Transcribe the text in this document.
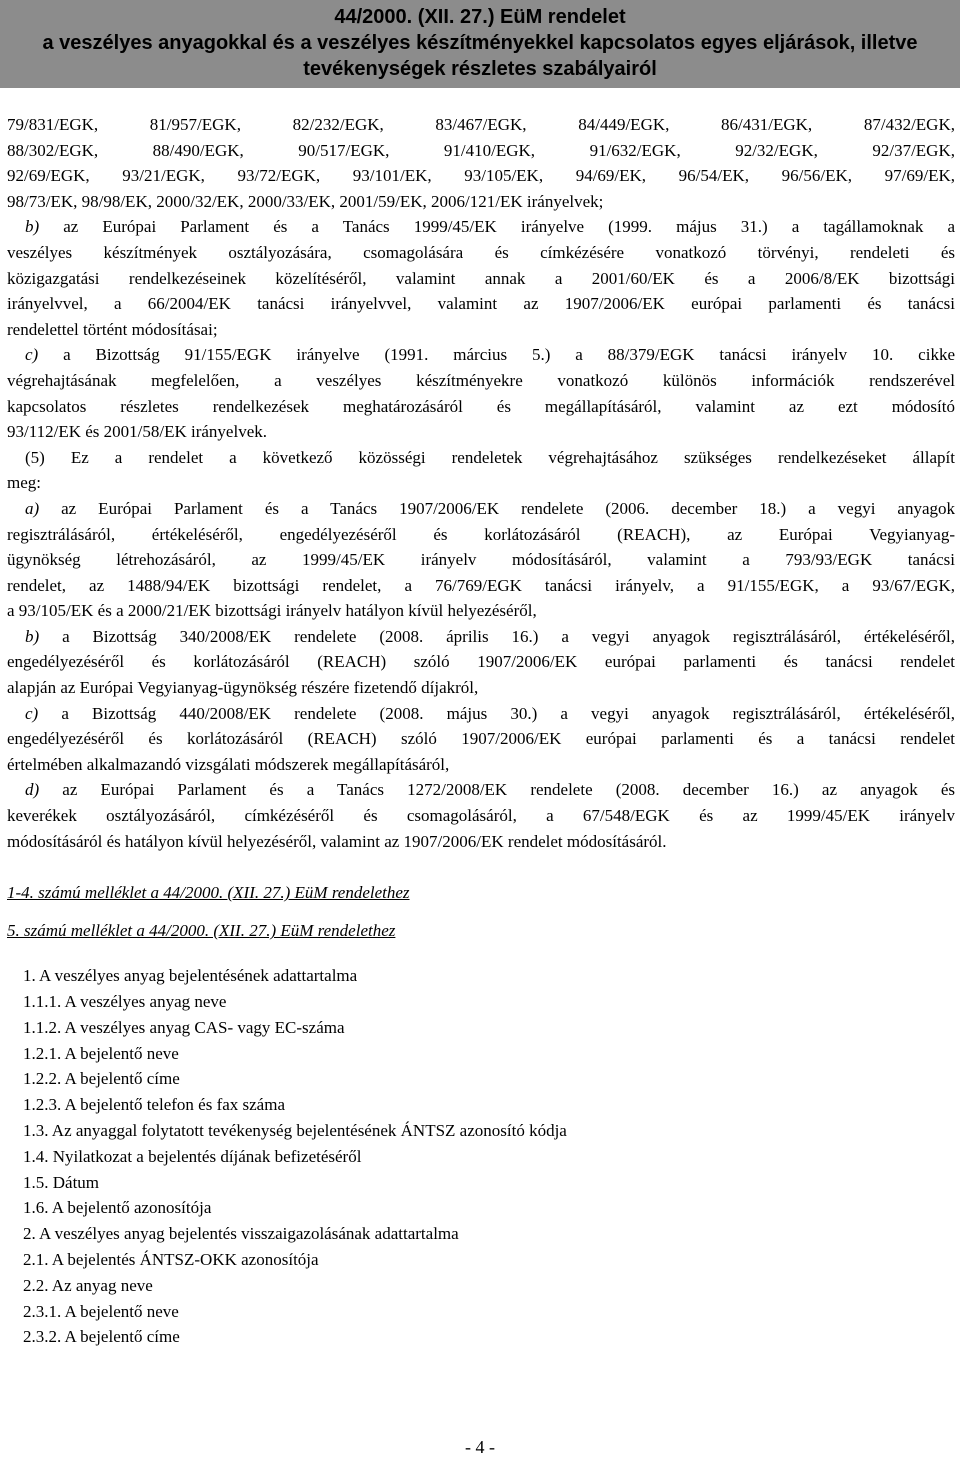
44/2000. (XII. 27.) EüM rendelet
a veszélyes anyagokkal és a veszélyes készítményekkel kapcsolatos egyes eljárások, illetve
tevékenységek részletes szabályairól

79/831/EGK, 81/957/EGK, 82/232/EGK, 83/467/EGK, 84/449/EGK, 86/431/EGK, 87/432/EGK,

88/302/EGK, 88/490/EGK, 90/517/EGK, 91/410/EGK, 91/632/EGK, 92/32/EGK, 92/37/EGK,

92/69/EGK, 93/21/EGK, 93/72/EGK, 93/101/EK, 93/105/EK, 94/69/EK, 96/54/EK, 96/56/EK, 97/69/EK,

98/73/EK, 98/98/EK, 2000/32/EK, 2000/33/EK, 2001/59/EK, 2006/121/EK irányelvek;

b) az Európai Parlament és a Tanács 1999/45/EK irányelve (1999. május 31.) a tagállamoknak a

veszélyes készítmények osztályozására, csomagolására és címkézésére vonatkozó törvényi, rendeleti és

közigazgatási rendelkezéseinek közelítéséről, valamint annak a 2001/60/EK és a 2006/8/EK bizottsági

irányelvvel, a 66/2004/EK tanácsi irányelvvel, valamint az 1907/2006/EK európai parlamenti és tanácsi

rendelettel történt módosításai;

c) a Bizottság 91/155/EGK irányelve (1991. március 5.) a 88/379/EGK tanácsi irányelv 10. cikke

végrehajtásának megfelelően, a veszélyes készítményekre vonatkozó különös információk rendszerével

kapcsolatos részletes rendelkezések meghatározásáról és megállapításáról, valamint az ezt módosító

93/112/EK és 2001/58/EK irányelvek.

(5) Ez a rendelet a következő közösségi rendeletek végrehajtásához szükséges rendelkezéseket állapít

meg:

a) az Európai Parlament és a Tanács 1907/2006/EK rendelete (2006. december 18.) a vegyi anyagok

regisztrálásáról, értékeléséről, engedélyezéséről és korlátozásáról (REACH), az Európai Vegyianyag-

ügynökség létrehozásáról, az 1999/45/EK irányelv módosításáról, valamint a 793/93/EGK tanácsi

rendelet, az 1488/94/EK bizottsági rendelet, a 76/769/EGK tanácsi irányelv, a 91/155/EGK, a 93/67/EGK,

a 93/105/EK és a 2000/21/EK bizottsági irányelv hatályon kívül helyezéséről,

b) a Bizottság 340/2008/EK rendelete (2008. április 16.) a vegyi anyagok regisztrálásáról, értékeléséről,

engedélyezéséről és korlátozásáról (REACH) szóló 1907/2006/EK európai parlamenti és tanácsi rendelet

alapján az Európai Vegyianyag-ügynökség részére fizetendő díjakról,

c) a Bizottság 440/2008/EK rendelete (2008. május 30.) a vegyi anyagok regisztrálásáról, értékeléséről,

engedélyezéséről és korlátozásáról (REACH) szóló 1907/2006/EK európai parlamenti és a tanácsi rendelet

értelmében alkalmazandó vizsgálati módszerek megállapításáról,

d) az Európai Parlament és a Tanács 1272/2008/EK rendelete (2008. december 16.) az anyagok és

keverékek osztályozásáról, címkézéséről és csomagolásáról, a 67/548/EGK és az 1999/45/EK irányelv

módosításáról és hatályon kívül helyezéséről, valamint az 1907/2006/EK rendelet módosításáról.

1-4. számú melléklet a 44/2000. (XII. 27.) EüM rendelethez
5. számú melléklet a 44/2000. (XII. 27.) EüM rendelethez
1. A veszélyes anyag bejelentésének adattartalma
1.1.1. A veszélyes anyag neve
1.1.2. A veszélyes anyag CAS- vagy EC-száma
1.2.1. A bejelentő neve
1.2.2. A bejelentő címe
1.2.3. A bejelentő telefon és fax száma
1.3. Az anyaggal folytatott tevékenység bejelentésének ÁNTSZ azonosító kódja
1.4. Nyilatkozat a bejelentés díjának befizetéséről
1.5. Dátum
1.6. A bejelentő azonosítója
2. A veszélyes anyag bejelentés visszaigazolásának adattartalma
2.1. A bejelentés ÁNTSZ-OKK azonosítója
2.2. Az anyag neve
2.3.1. A bejelentő neve
2.3.2. A bejelentő címe
- 4 -
